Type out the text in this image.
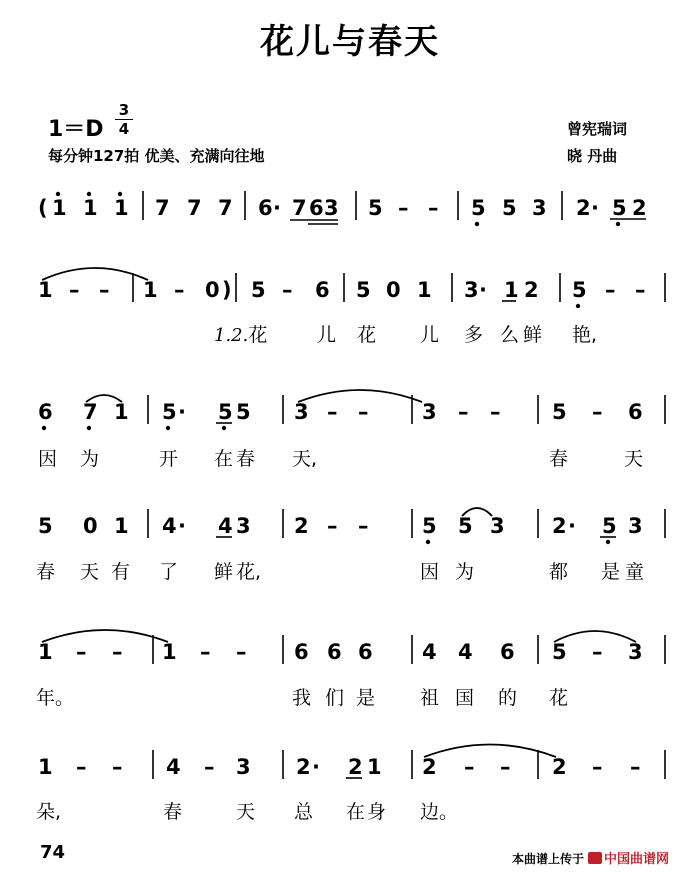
花儿与春天
1＝D
3
4
每分钟127拍 优美、充满向往地
曾宪瑞词
晓 丹曲
( 1 1 1 7 7 7 6 · 7 6 3 5 – – 5 5 3 2 · 5 2
1 – – 1 – 0 ) 5 – 6 5 0 1 3 · 1 2 5 – –
6 7 1 5 · 5 5 3 – –	3 – – 5 – 6
5 0 1 4 · 4 3 2 – –	5 5 3 2 · 5 3
1 – – 1 – – 6 6 6 4 4 6 5 – 3
1 – – 4 – 3 2 · 2 1 2 – – 2 – –
1.2.花	儿 花 儿 多 么 鲜 艳,
因 为	开 在 春 天,	春	天
春 天 有 了 鲜 花,	因 为	都 是 童
年。	我 们 是 祖 国 的 花
朵,	春	天 总 在 身 边。
74	本曲谱上传于 中国曲谱网
